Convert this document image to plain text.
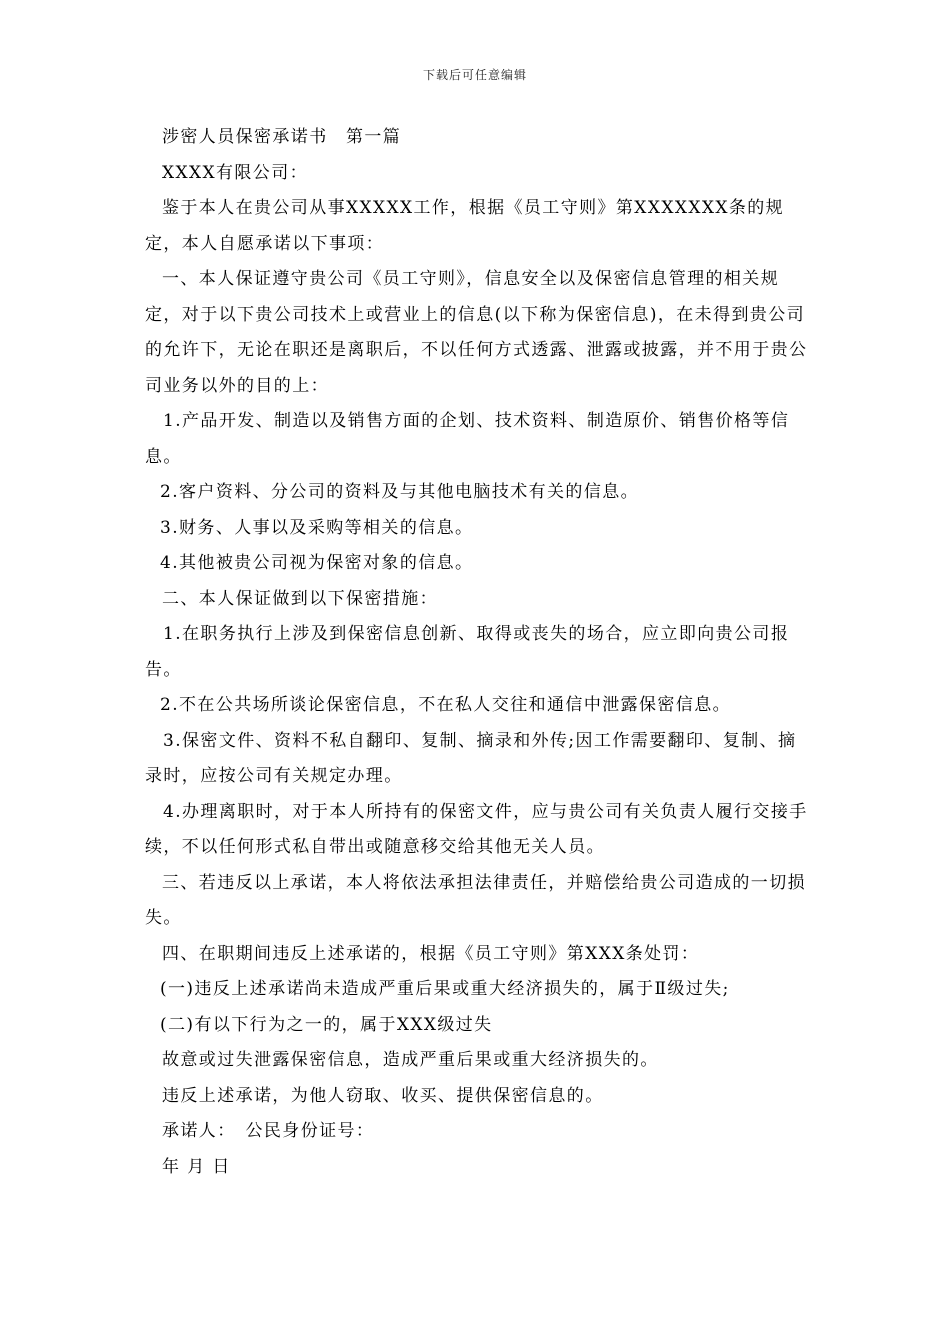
下载后可任意编辑

涉密人员保密承诺书　第一篇

XXXX有限公司：

鉴于本人在贵公司从事XXXXX工作，根据《员工守则》第XXXXXXX条的规定，本人自愿承诺以下事项：

一、本人保证遵守贵公司《员工守则》，信息安全以及保密信息管理的相关规定，对于以下贵公司技术上或营业上的信息(以下称为保密信息)，在未得到贵公司的允许下，无论在职还是离职后，不以任何方式透露、泄露或披露，并不用于贵公司业务以外的目的上：

1.产品开发、制造以及销售方面的企划、技术资料、制造原价、销售价格等信息。

2.客户资料、分公司的资料及与其他电脑技术有关的信息。

3.财务、人事以及采购等相关的信息。

4.其他被贵公司视为保密对象的信息。

二、本人保证做到以下保密措施：

1.在职务执行上涉及到保密信息创新、取得或丧失的场合，应立即向贵公司报告。

2.不在公共场所谈论保密信息，不在私人交往和通信中泄露保密信息。

3.保密文件、资料不私自翻印、复制、摘录和外传;因工作需要翻印、复制、摘录时，应按公司有关规定办理。

4.办理离职时，对于本人所持有的保密文件，应与贵公司有关负责人履行交接手续，不以任何形式私自带出或随意移交给其他无关人员。

三、若违反以上承诺，本人将依法承担法律责任，并赔偿给贵公司造成的一切损失。

四、在职期间违反上述承诺的，根据《员工守则》第XXX条处罚：

(一)违反上述承诺尚未造成严重后果或重大经济损失的，属于Ⅱ级过失;

(二)有以下行为之一的，属于XXX级过失

故意或过失泄露保密信息，造成严重后果或重大经济损失的。

违反上述承诺，为他人窃取、收买、提供保密信息的。

承诺人：　公民身份证号：

年 月 日
